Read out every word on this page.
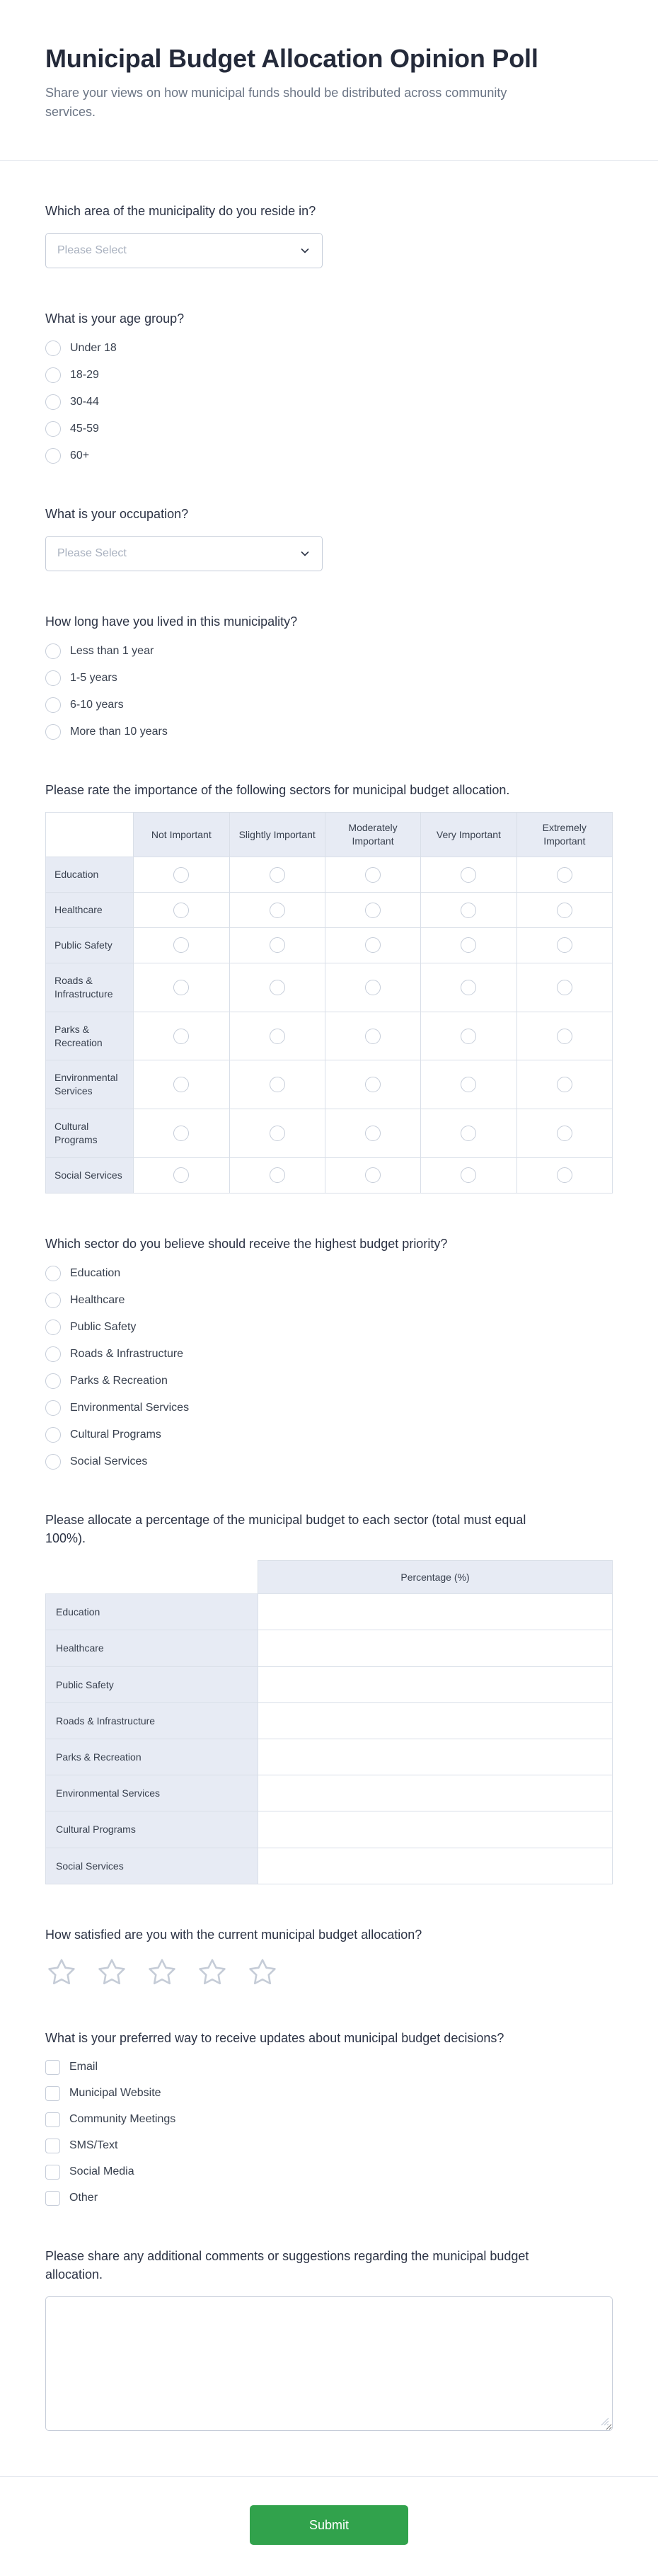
Municipal Budget Allocation Opinion Poll

Share your views on how municipal funds should be distributed across community services.

Which area of the municipality do you reside in?
Please Select
What is your age group?
Under 18
18-29
30-44
45-59
60+
What is your occupation?
Please Select
How long have you lived in this municipality?
Less than 1 year
1-5 years
6-10 years
More than 10 years
Please rate the importance of the following sectors for municipal budget allocation.
	Not Important	Slightly Important	Moderately Important	Very Important	Extremely Important
Education					
Healthcare					
Public Safety					
Roads & Infrastructure					
Parks & Recreation					
Environmental Services					
Cultural Programs					
Social Services					
Which sector do you believe should receive the highest budget priority?
Education
Healthcare
Public Safety
Roads & Infrastructure
Parks & Recreation
Environmental Services
Cultural Programs
Social Services
Please allocate a percentage of the municipal budget to each sector (total must equal 100%).
	Percentage (%)
Education	

Healthcare	

Public Safety	

Roads & Infrastructure	

Parks & Recreation	

Environmental Services	

Cultural Programs	

Social Services	
How satisfied are you with the current municipal budget allocation?
What is your preferred way to receive updates about municipal budget decisions?
Email
Municipal Website
Community Meetings
SMS/Text
Social Media
Other
Please share any additional comments or suggestions regarding the municipal budget allocation.
Submit
